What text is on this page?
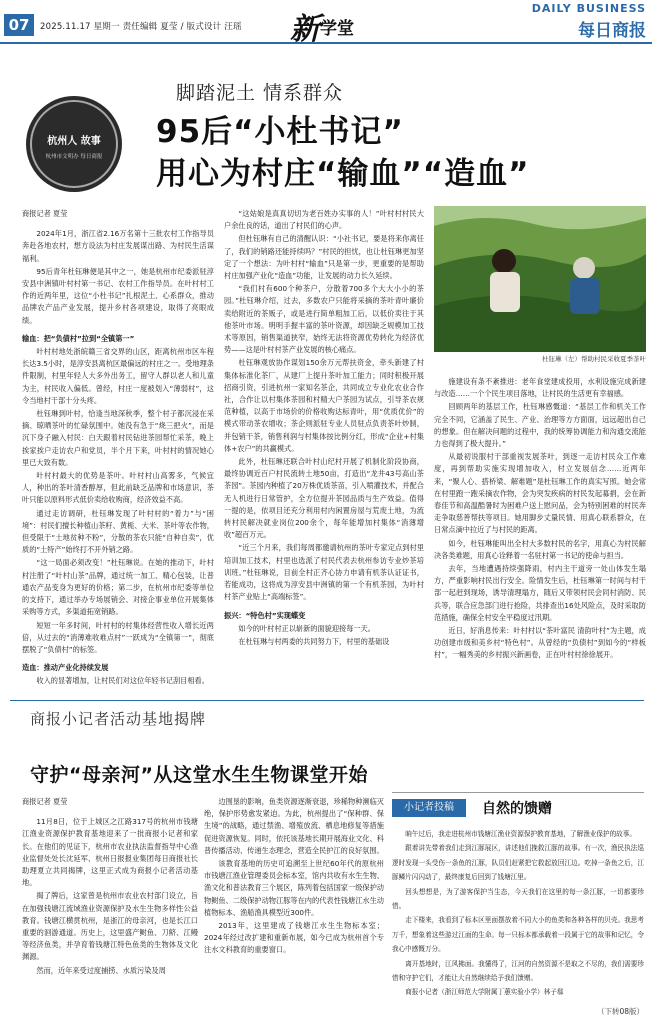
07	2025.11.17 星期一 责任编辑 夏莹 / 版式设计 汪瑶 新 学堂
DAILY BUSINESS
每日商报
杭州人 故事
杭州市文明办 每日商报
脚踏泥土 情系群众
95后“小杜书记”
用心为村庄“输血”“造血”

商报记者 夏莹

2024年1月，浙江省2.16万名第十三批农村工作指导员奔赴各地农村，想方设法为村庄发展谋出路、为村民生活谋福利。

95后青年杜钰琳便是其中之一，她是杭州市纪委派驻淳安县中洲镇叶村村第一书记、农村工作指导员。在叶村村工作的近两年里，这位“小杜书记”扎根泥土、心系群众，推动品牌农产品产业发展，提升乡村各项建设，取得了亮眼成绩。

输血：把“负债村”拉到“全镇第一”

叶村村地处浙皖赣三省交界的山区，距离杭州市区车程长达3.5小时，是淳安县离杭区最偏远的村庄之一。受地理条件限制，村里年轻人大多外出务工，留守人群以老人和儿童为主，村民收入偏低。曾经，村庄一度被划入“薄弱村”，这令当地村干部十分头疼。

杜钰琳到叶村，恰逢当地深秋季，整个村子都沉浸在采摘、晾晒茶叶的忙碌氛围中。她没有急于“烧三把火”，而是沉下身子融入村民：白天跟着村民钻进茶园帮忙采茶，晚上挨家挨户走访农户和党员，半个月下来，叶村村的情况她心里已大致有数。

叶村村最大的优势是茶叶。叶村村山高雾多，气候宜人，种出的茶叶清香醇厚，但此前缺乏品牌和市场意识，茶叶只能以原料形式低价卖给收购商，经济效益不高。

通过走访调研，杜钰琳发现了叶村村的“着力”与“困境”：村民们擅长种植山茶籽、黄栀、大米、茶叶等农作物，但受限于“土地贫种不粉”，分散的茶农只能“自种自卖”，优质的“土特产”始终打不开外销之路。

“这一局面必须改变！”杜钰琳说。在她的推动下，叶村村注册了“叶村山茶”品牌，通过统一加工、精心包装，让普通农产品变身为更好的价格；第二步，在杭州市纪委等单位的支持下，通过举办专场展销会、对接企事业单位开展集体采购等方式，多渠道拓宽销路。

短短一年多时间，叶村村的村集体经营性收入增长近两倍，从过去的“消薄难收难点村”一跃成为“全镇第一”，彻底摆脱了“负债村”的标签。

造血：推动产业化持续发展

收入的显著增加，让村民们对这位年轻书记刮目相看。

“这姑娘是真真切切为老百姓办实事的人！”叶村村村民大户余仕良的话，道出了村民们的心声。

但杜钰琳有自己的清醒认识：“小社书记，要是将来你离任了，我们的销路还能持续吗？”村民的担忧，也让杜钰琳更加坚定了一个想法：为叶村村“输血”只是第一步，更重要的是帮助村庄加强产业化“造血”功能，让发展的动力长久延续。

“我们村有600个种茶户，分散着700多个大大小小的茶园。”杜钰琳介绍，过去，多数农户只能将采摘的茶叶青叶廉价卖给附近的茶贩子，或是进行简单粗加工后，以低价卖往于其他茶叶市场。明明手握丰富的茶叶资源，却因缺乏规模加工技术等原因，销售渠道狭窄，始终无法将资源优势转化为经济优势——这是叶村村茶产业发展的核心痛点。

杜钰琳观放协作谋划150余万元帮扶资金，牵头新建了村集体标准化茶厂，从建厂上提升茶叶加工能力；同时积极开展招商引资，引进杭州一家知名茶企，共同成立专业化农业合作社，合作让以村集体茶园和村精大户茶园为试点，引导茶农规范种植，以高于市场价的价格收购达标青叶，用“优质优价”的模式带动茶农增收；茶企则派驻专业人员驻点负责茶叶炒制，并包销干茶，销售利润与村集体按比例分红，形成“企业+村集体+农户”的共赢模式。

此外，杜钰琳还联合叶村山纪村开展了机制化阶段协商，最终协调近百户村民流转土地50亩，打造出“龙井43号高山茶茶园”。茶园内种植了20万株优质茶苗，引入喷灌技术，并配合无人机进行日常管护，全方位提升茶园品质与生产效益。值得一提的是，依项目还充分利用村内闲置房屋与荒废土地，为流转村民解决就业岗位200余个，每年能增加村集体“消薄增收”超百万元。

“近三个月来，我们每周都邀请杭州的茶叶专家定点到村里培训加工技术，村里也选派了村民代表去杭州参访专业炒茶培训班。”杜钰琳说，目前全村正齐心协力申请有机茶认证证书，若能成功，这将成为淳安县中洲镇的第一个有机茶园，为叶村村茶产业贴上“高端标签”。

振兴：“特色村”实现蝶变

如今的叶村村正以崭新的面貌迎接每一天。

在杜钰琳与村两委的共同努力下，村里的基础设

杜钰琳（左）帮助村民采收夏季茶叶

施建设有条不紊推进：老年食堂建成投用，水利设施完成新建与改造……一个个民生项目落地，让村民的生活更有幸福感。

回顾两年的基层工作，杜钰琳感慨道：“基层工作和机关工作完全不同，它涵盖了民生、产业、治理等方方面面，远远超出自己的想象。但在解决问题的过程中，我的统筹协调能力和沟通交流能力也得到了极大提升。”

从最初说服村干部重视发展茶叶，到逐一走访村民众工作难度，再到帮助实施实现增加收入，村立发展信念……近两年来，“聚人心、搭桥梁、解难题”是杜钰琳工作的真实写照。她会常在村里跑一跑采摘农作物，会为突发疾病的村民发起募捐，会在新春佳节和高温酷暑时为困难户送上慰问品，会为特别困难的村民奔走争取慈善帮扶等项目。她用脚步丈量民情、用真心联系群众，在日常点滴中拉近了与村民的距离。

如今，杜钰琳能叫出全村大多数村民的名字，用真心为村民解决各类难题，用真心诠释着一名驻村第一书记的使命与担当。

去年，当地遭遇持续强降雨，村内主干道旁一处山体发生塌方，严重影响村民出行安全。险情发生后，杜钰琳第一时间与村干部一起赶到现场，诱导清理塌方，随后又带领村民会同村消防、民兵等，联合应急部门进行抢险，共排查出16处风险点，及时采取防范措施，确保全村安全平稳度过汛期。

近日，好消息传来：叶村村以“茶叶富民 清韵叶村”为主题，成功创建市级和美乡村“特色村”。从曾经的“负债村”到如今的“样板村”，一幅秀美的乡村振兴新画卷，正在叶村村徐徐展开。

商报小记者活动基地揭牌
守护“母亲河”从这堂水生生物课堂开始

商报记者 夏莹

11月8日，位于上城区之江路317号的杭州市钱塘江渔业资源保护教育基地迎来了一批商报小记者和家长。在他们的见证下，杭州市农业执法监督指导中心渔业监督处处长沈延军、杭州日报报业集团每日商报社长助理夏立共同揭牌，这里正式成为商报小记者活动基地。

揭了牌后，这家曾是杭州市农业农村部门设立，旨在加强钱塘江流域渔业资源保护及水生生物多样性公益教育。钱塘江横贯杭州，是浙江的母亲河，也是长江口重要的洄游通道。历史上，这里盛产鲥鱼、刀鲚、江鳗等经济鱼类，并孕育着钱塘江特色鱼类的生物体及文化渊源。

然而，近年来受过度捕捞、水质污染及周

边围垦的影响，鱼类资源逐渐衰退，珍稀物种濒临灭绝，保护形势愈发紧迫。为此，杭州提出了“保种群、保生境”的战略，通过禁渔、增殖放流、栖息地修复等措施促进资源恢复。同时，依托该基地长期开展海业文化、科普传播活动、传递生态理念，营造全民护江的良好氛围。

该教育基地的历史可追溯至上世纪60年代的原杭州市钱塘江渔业管理委员会标本室，馆内共收有水生生物、渔文化和普法教育三个展区，陈列着包括国家一级保护动物鲥鱼、二级保护动物江豚等在内的代表性钱塘江水生动植物标本、渔船渔具模型近300件。

2013年，这里建成了钱塘江水生生物标本室；2024年经过改扩建和重新布展，如今已成为杭州首个专注水文科教育的重要窗口。

小记者投稿	自然的馈赠

晌午过后，我走进杭州市钱塘江渔业资源保护教育基地，了解渔业保护的故事。

跟着讲先带着我们走到江豚展区，讲述他们挽救江豚的故事。有一次，渔民执法巡逻时发现一头受伤一条鱼的江豚，队员们赶紧把它救起放回江边。吃掉一条鱼之后，江豚鳞片闪闪动了，最终康复后回到了钱塘江里。

回头想想是，为了游客保护当生态，今天我们在这里的每一条江豚，一切都要珍惜。

走下楼来，我看到了标本区里面摆放着不同大小的鱼类和各种各样的贝壳。我思考万千，想象着这些游过江面的生命。每一只标本都承载着一段属于它的故事和记忆，令我心中感慨万分。

离开基地时，江风拂面。我懂得了，江河的自然资源不是取之不尽的，我们需要珍惜和守护它们，才能让大自然继续给予我们馈赠。

商报小记者（浙江师范大学附属丁蕙实验小学）林子郗

（下转08版）
